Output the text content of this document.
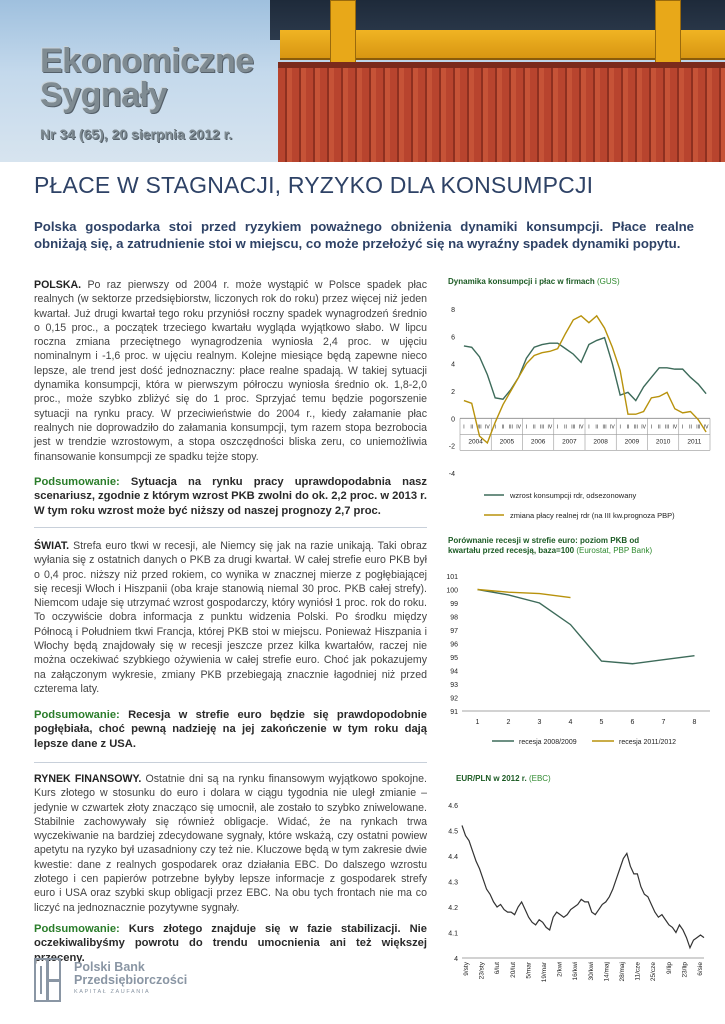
Ekonomiczne
Sygnały
Nr 34 (65), 20 sierpnia 2012 r.
PŁACE W STAGNACJI, RYZYKO DLA KONSUMPCJI
Polska gospodarka stoi przed ryzykiem poważnego obniżenia dynamiki konsumpcji. Płace realne obniżają się, a zatrudnienie stoi w miejscu, co może przełożyć się na wyraźny spadek dynamiki popytu.
POLSKA. Po raz pierwszy od 2004 r. może wystąpić w Polsce spadek płac realnych (w sektorze przedsiębiorstw, liczonych rok do roku) przez więcej niż jeden kwartał. Już drugi kwartał tego roku przyniósł roczny spadek wynagrodzeń średnio o 0,15 proc., a początek trzeciego kwartału wygląda wyjątkowo słabo. W lipcu roczna zmiana przeciętnego wynagrodzenia wyniosła 2,4 proc. w ujęciu nominalnym i -1,6 proc. w ujęciu realnym. Kolejne miesiące będą zapewne nieco lepsze, ale trend jest dość jednoznaczny: płace realne spadają. W takiej sytuacji dynamika konsumpcji, która w pierwszym półroczu wyniosła średnio ok. 1,8-2,0 proc., może szybko zbliżyć się do 1 proc. Sprzyjać temu będzie pogorszenie sytuacji na rynku pracy. W przeciwieństwie do 2004 r., kiedy załamanie płac realnych nie doprowadziło do załamania konsumpcji, tym razem stopa bezrobocia jest w trendzie wzrostowym, a stopa oszczędności bliska zeru, co uniemożliwia finansowanie konsumpcji ze spadku tejże stopy.
Podsumowanie: Sytuacja na rynku pracy uprawdopodabnia nasz scenariusz, zgodnie z którym wzrost PKB zwolni do ok. 2,2 proc. w 2013 r. W tym roku wzrost może być niższy od naszej prognozy 2,7 proc.
ŚWIAT. Strefa euro tkwi w recesji, ale Niemcy się jak na razie unikają. Taki obraz wyłania się z ostatnich danych o PKB za drugi kwartał. W całej strefie euro PKB był o 0,4 proc. niższy niż przed rokiem, co wynika w znacznej mierze z pogłębiającej się recesji Włoch i Hiszpanii (oba kraje stanowią niemal 30 proc. PKB całej strefy). Niemcom udaje się utrzymać wzrost gospodarczy, który wyniósł 1 proc. rok do roku. To oczywiście dobra informacja z punktu widzenia Polski. Po środku między Północą i Południem tkwi Francja, której PKB stoi w miejscu. Ponieważ Hiszpania i Włochy będą znajdowały się w recesji jeszcze przez kilka kwartałów, raczej nie można oczekiwać szybkiego ożywienia w całej strefie euro. Choć jak pokazujemy na załączonym wykresie, zmiany PKB przebiegają znacznie łagodniej niż przed czterema laty.
Podsumowanie: Recesja w strefie euro będzie się prawdopodobnie pogłębiała, choć pewną nadzieję na jej zakończenie w tym roku dają lepsze dane z USA.
RYNEK FINANSOWY. Ostatnie dni są na rynku finansowym wyjątkowo spokojne. Kurs złotego w stosunku do euro i dolara w ciągu tygodnia nie uległ zmianie – jedynie w czwartek złoty znacząco się umocnił, ale zostało to szybko zniwelowane. Stabilnie zachowywały się również obligacje. Widać, że na rynkach trwa wyczekiwanie na bardziej zdecydowane sygnały, które wskażą, czy ostatni powiew apetytu na ryzyko był uzasadniony czy też nie. Kluczowe będą w tym zakresie dwie kwestie: dane z realnych gospodarek oraz działania EBC. Do dalszego wzrostu złotego i cen papierów potrzebne byłyby lepsze informacje z gospodarek strefy euro i USA oraz szybki skup obligacji przez EBC. Na obu tych frontach nie ma co liczyć na jednoznacznie pozytywne sygnały.
Podsumowanie: Kurs złotego znajduje się w fazie stabilizacji. Nie oczekiwalibyśmy powrotu do trendu umocnienia ani też większej przeceny.
Dynamika konsumpcji i płac w firmach (GUS)
-4
-2
0
2
4
6
8
I II III IV I II III IV I II III IV I II III IV I II III IV I II III IV I II III IV I II III IV
2004	2005	2006	2007	2008	2009	2010	2011
wzrost konsumpcji rdr, odsezonowany
zmiana płacy realnej rdr (na III kw.prognoza PBP)
Porównanie recesji w strefie euro: poziom PKB od kwartału przed recesją, baza=100 (Eurostat, PBP Bank)
91
92
93
94
95
96
97
98
99
100
101
1	2	3	4	5	6	7	8
recesja 2008/2009	recesja 2011/2012
EUR/PLN w 2012 r. (EBC)
4
4.1
4.2
4.3
4.4
4.5
4.6
9/sty 23/sty 6/lut 20/lut 5/mar 19/mar 2/kwi 16/kwi 30/kwi 14/maj 28/maj 11/cze 25/cze 9/lip 23/lip 6/sie
Polski Bank
Przedsiębiorczości
KAPITAŁ ZAUFANIA
